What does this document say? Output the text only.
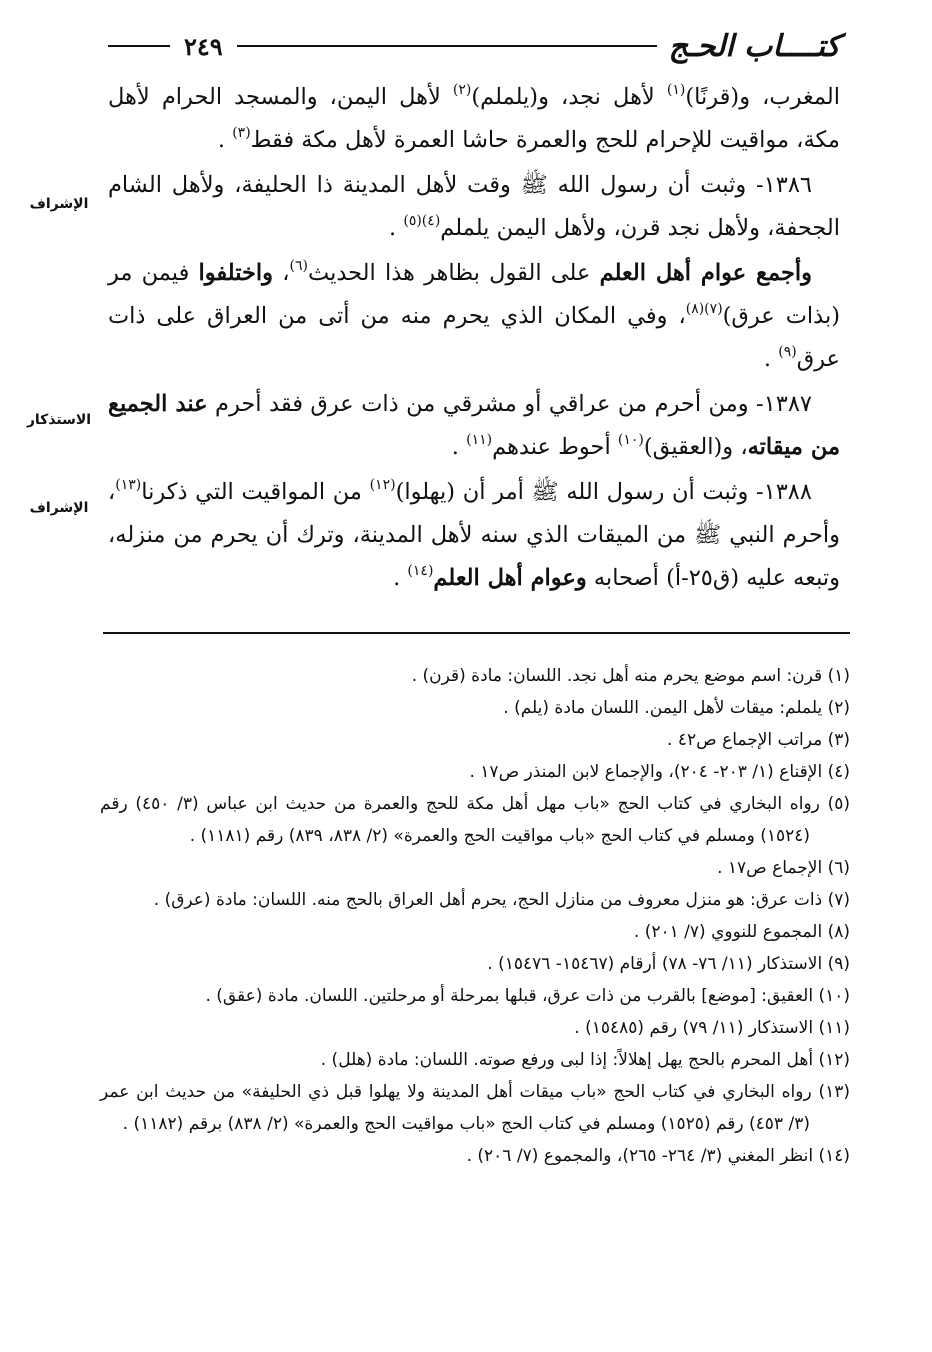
كتــــاب الحـج
٢٤٩

المغرب، و(قرنًا)$^{(١)}$ لأهل نجد، و(يلملم)$^{(٢)}$ لأهل اليمن، والمسجد الحرام لأهل مكة، مواقيت للإحرام للحج والعمرة حاشا العمرة لأهل مكة فقط$^{(٣)}$ .

١٣٨٦- وثبت أن رسول الله ﷺ وقت لأهل المدينة ذا الحليفة، ولأهل الشام الجحفة، ولأهل نجد قرن، ولأهل اليمن يلملم$^{(٤)(٥)}$ .

وأجمع عوام أهل العلم على القول بظاهر هذا الحديث$^{(٦)}$، واختلفوا فيمن مر (بذات عرق)$^{(٧)(٨)}$، وفي المكان الذي يحرم منه من أتى من العراق على ذات عرق$^{(٩)}$ .

١٣٨٧- ومن أحرم من عراقي أو مشرقي من ذات عرق فقد أحرم عند الجميع من ميقاته، و(العقيق)$^{(١٠)}$ أحوط عندهم$^{(١١)}$ .

١٣٨٨- وثبت أن رسول الله ﷺ أمر أن (يهلوا)$^{(١٢)}$ من المواقيت التي ذكرنا$^{(١٣)}$، وأحرم النبي ﷺ من الميقات الذي سنه لأهل المدينة، وترك أن يحرم من منزله، وتبعه عليه (ق٢٥-أ) أصحابه وعوام أهل العلم$^{(١٤)}$ .

الإشراف
الاستذكار
الإشراف

(١) قرن: اسم موضع يحرم منه أهل نجد. اللسان: مادة (قرن) .

(٢) يلملم: ميقات لأهل اليمن. اللسان مادة (يلم) .

(٣) مراتب الإجماع ص٤٢ .

(٤) الإقناع (١/ ٢٠٣- ٢٠٤)، والإجماع لابن المنذر ص١٧ .

(٥) رواه البخاري في كتاب الحج «باب مهل أهل مكة للحج والعمرة من حديث ابن عباس (٣/ ٤٥٠) رقم (١٥٢٤) ومسلم في كتاب الحج «باب مواقيت الحج والعمرة» (٢/ ٨٣٨، ٨٣٩) رقم (١١٨١) .

(٦) الإجماع ص١٧ .

(٧) ذات عرق: هو منزل معروف من منازل الحج، يحرم أهل العراق بالحج منه. اللسان: مادة (عرق) .

(٨) المجموع للنووي (٧/ ٢٠١) .

(٩) الاستذكار (١١/ ٧٦- ٧٨) أرقام (١٥٤٦٧- ١٥٤٧٦) .

(١٠) العقيق: [موضع] بالقرب من ذات عرق، قبلها بمرحلة أو مرحلتين. اللسان. مادة (عقق) .

(١١) الاستذكار (١١/ ٧٩) رقم (١٥٤٨٥) .

(١٢) أهل المحرم بالحج يهل إهلالاً: إذا لبى ورفع صوته. اللسان: مادة (هلل) .

(١٣) رواه البخاري في كتاب الحج «باب ميقات أهل المدينة ولا يهلوا قبل ذي الحليفة» من حديث ابن عمر (٣/ ٤٥٣) رقم (١٥٢٥) ومسلم في كتاب الحج «باب مواقيت الحج والعمرة» (٢/ ٨٣٨) برقم (١١٨٢) .

(١٤) انظر المغني (٣/ ٢٦٤- ٢٦٥)، والمجموع (٧/ ٢٠٦) .
